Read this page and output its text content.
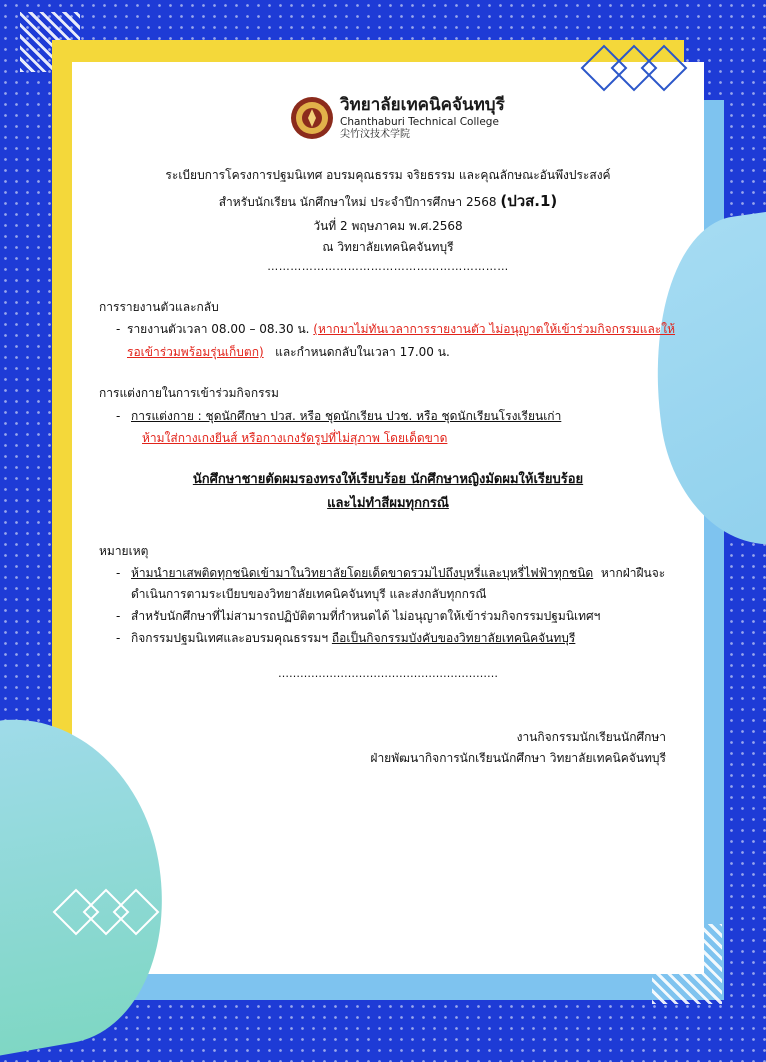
วิทยาลัยเทคนิคจันทบุรี
Chanthaburi Technical College
尖竹汶技术学院
ระเบียบการโครงการปฐมนิเทศ อบรมคุณธรรม จริยธรรม และคุณลักษณะอันพึงประสงค์
สำหรับนักเรียน นักศึกษาใหม่ ประจำปีการศึกษา 2568 (ปวส.1)
วันที่ 2 พฤษภาคม พ.ศ.2568
ณ วิทยาลัยเทคนิคจันทบุรี
………………………………………………………
การรายงานตัวและกลับ
- รายงานตัวเวลา 08.00 – 08.30 น. (หากมาไม่ทันเวลาการรายงานตัว ไม่อนุญาตให้เข้าร่วมกิจกรรมและให้
รอเข้าร่วมพร้อมรุ่นเก็บตก) และกำหนดกลับในเวลา 17.00 น.
การแต่งกายในการเข้าร่วมกิจกรรม
- การแต่งกาย : ชุดนักศึกษา ปวส. หรือ ชุดนักเรียน ปวช. หรือ ชุดนักเรียนโรงเรียนเก่า
ห้ามใส่กางเกงยีนส์ หรือกางเกงรัดรูปที่ไม่สุภาพ โดยเด็ดขาด
นักศึกษาชายตัดผมรองทรงให้เรียบร้อย นักศึกษาหญิงมัดผมให้เรียบร้อย
และไม่ทำสีผมทุกกรณี
หมายเหตุ
- ห้ามนำยาเสพติดทุกชนิดเข้ามาในวิทยาลัยโดยเด็ดขาดรวมไปถึงบุหรี่และบุหรี่ไฟฟ้าทุกชนิด หากฝ่าฝืนจะ
ดำเนินการตามระเบียบของวิทยาลัยเทคนิคจันทบุรี และส่งกลับทุกกรณี
- สำหรับนักศึกษาที่ไม่สามารถปฏิบัติตามที่กำหนดได้ ไม่อนุญาตให้เข้าร่วมกิจกรรมปฐมนิเทศฯ
- กิจกรรมปฐมนิเทศและอบรมคุณธรรมฯ ถือเป็นกิจกรรมบังคับของวิทยาลัยเทคนิคจันทบุรี
……………………………………………………
งานกิจกรรมนักเรียนนักศึกษา
ฝ่ายพัฒนากิจการนักเรียนนักศึกษา วิทยาลัยเทคนิคจันทบุรี
